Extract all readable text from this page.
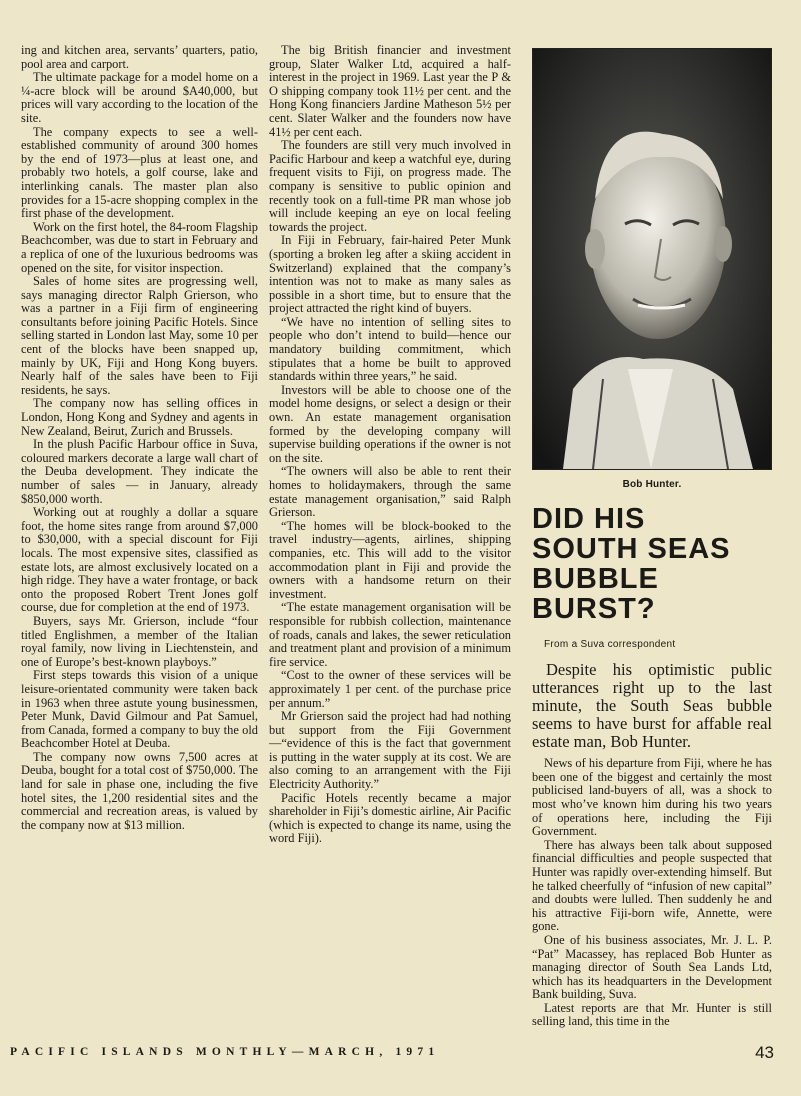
ing and kitchen area, servants’ quarters, patio, pool area and carport.

The ultimate package for a model home on a ¼-acre block will be around $A40,000, but prices will vary according to the location of the site.

The company expects to see a well-established community of around 300 homes by the end of 1973—plus at least one, and probably two hotels, a golf course, lake and interlinking canals. The master plan also provides for a 15-acre shopping complex in the first phase of the development.

Work on the first hotel, the 84-room Flagship Beachcomber, was due to start in February and a replica of one of the luxurious bedrooms was opened on the site, for visitor inspection.

Sales of home sites are progressing well, says managing director Ralph Grierson, who was a partner in a Fiji firm of engineering consultants before joining Pacific Hotels. Since selling started in London last May, some 10 per cent of the blocks have been snapped up, mainly by UK, Fiji and Hong Kong buyers. Nearly half of the sales have been to Fiji residents, he says.

The company now has selling offices in London, Hong Kong and Sydney and agents in New Zealand, Beirut, Zurich and Brussels.

In the plush Pacific Harbour office in Suva, coloured markers decorate a large wall chart of the Deuba development. They indicate the number of sales — in January, already $850,000 worth.

Working out at roughly a dollar a square foot, the home sites range from around $7,000 to $30,000, with a special discount for Fiji locals. The most expensive sites, classified as estate lots, are almost exclusively located on a high ridge. They have a water frontage, or back onto the proposed Robert Trent Jones golf course, due for completion at the end of 1973.

Buyers, says Mr. Grierson, include “four titled Englishmen, a member of the Italian royal family, now living in Liechtenstein, and one of Europe’s best-known playboys.”

First steps towards this vision of a unique leisure-orientated community were taken back in 1963 when three astute young businessmen, Peter Munk, David Gilmour and Pat Samuel, from Canada, formed a company to buy the old Beachcomber Hotel at Deuba.

The company now owns 7,500 acres at Deuba, bought for a total cost of $750,000. The land for sale in phase one, including the five hotel sites, the 1,200 residential sites and the commercial and recreation areas, is valued by the company now at $13 million.

The big British financier and investment group, Slater Walker Ltd, acquired a half-interest in the project in 1969. Last year the P & O shipping company took 11½ per cent. and the Hong Kong financiers Jardine Matheson 5½ per cent. Slater Walker and the founders now have 41½ per cent each.

The founders are still very much involved in Pacific Harbour and keep a watchful eye, during frequent visits to Fiji, on progress made. The company is sensitive to public opinion and recently took on a full-time PR man whose job will include keeping an eye on local feeling towards the project.

In Fiji in February, fair-haired Peter Munk (sporting a broken leg after a skiing accident in Switzerland) explained that the company’s intention was not to make as many sales as possible in a short time, but to ensure that the project attracted the right kind of buyers.

“We have no intention of selling sites to people who don’t intend to build—hence our mandatory building commitment, which stipulates that a home be built to approved standards within three years,” he said.

Investors will be able to choose one of the model home designs, or select a design or their own. An estate management organisation formed by the developing company will supervise building operations if the owner is not on the site.

“The owners will also be able to rent their homes to holidaymakers, through the same estate management organisation,” said Ralph Grierson.

“The homes will be block-booked to the travel industry—agents, airlines, shipping companies, etc. This will add to the visitor accommodation plant in Fiji and provide the owners with a handsome return on their investment.

“The estate management organisation will be responsible for rubbish collection, maintenance of roads, canals and lakes, the sewer reticulation and treatment plant and provision of a minimum fire service.

“Cost to the owner of these services will be approximately 1 per cent. of the purchase price per annum.”

Mr Grierson said the project had had nothing but support from the Fiji Government—“evidence of this is the fact that government is putting in the water supply at its cost. We are also coming to an arrangement with the Fiji Electricity Authority.”

Pacific Hotels recently became a major shareholder in Fiji’s domestic airline, Air Pacific (which is expected to change its name, using the word Fiji).

Bob Hunter.
DID HIS
SOUTH SEAS
BUBBLE BURST?
From a Suva correspondent

Despite his optimistic public utterances right up to the last minute, the South Seas bubble seems to have burst for affable real estate man, Bob Hunter.

News of his departure from Fiji, where he has been one of the biggest and certainly the most publicised land-buyers of all, was a shock to most who’ve known him during his two years of operations here, including the Fiji Government.

There has always been talk about supposed financial difficulties and people suspected that Hunter was rapidly over-extending himself. But he talked cheerfully of “infusion of new capital” and doubts were lulled. Then suddenly he and his attractive Fiji-born wife, Annette, were gone.

One of his business associates, Mr. J. L. P. “Pat” Macassey, has replaced Bob Hunter as managing director of South Sea Lands Ltd, which has its headquarters in the Development Bank building, Suva.

Latest reports are that Mr. Hunter is still selling land, this time in the

PACIFIC ISLANDS MONTHLY—MARCH, 1971	43
